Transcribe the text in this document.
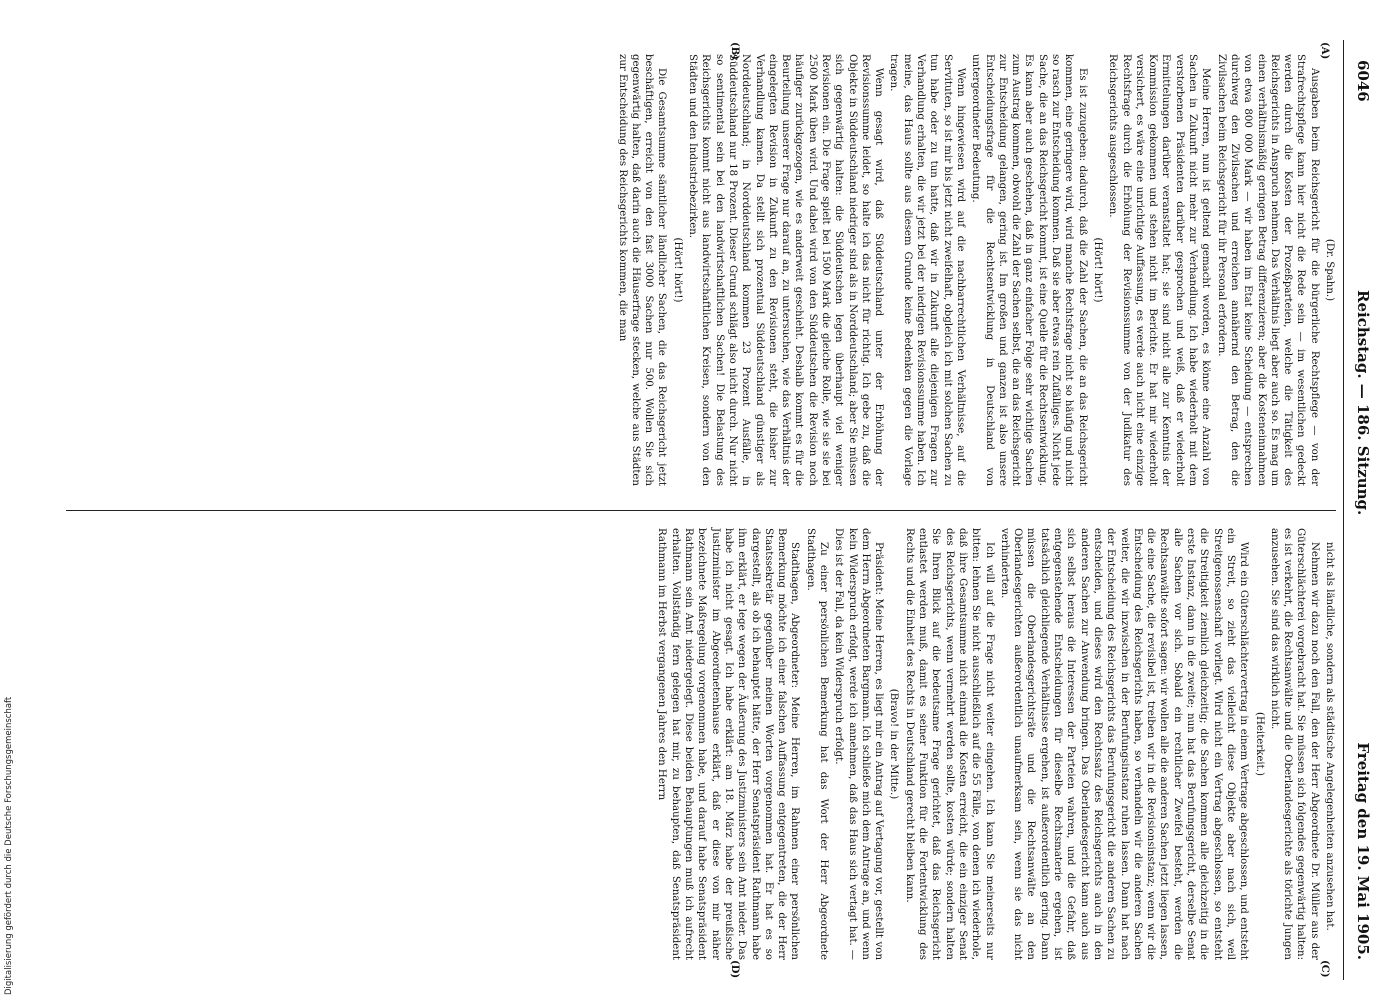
Digitalisierung gefördert durch die Deutsche Forschungsgemeinschaft
6046
Reichstag. — 186. Sitzung.
Freitag den 19. Mai 1905.
(A)
(B)
(C)
(D)

(Dr. Spahn.)

Ausgaben beim Reichsgericht für die bürgerliche Rechtspflege — von der Strafrechtspflege kann hier nicht die Rede sein — im wesentlichen gedeckt werden durch die Kosten der Prozeßparteien, welche die Tätigkeit des Reichsgerichts in Anspruch nehmen. Das Verhältnis liegt aber auch so. Es mag um einen verhältnismäßig geringen Betrag differenzieren; aber die Kosteneinnahmen von etwa 800 000 Mark — wir haben im Etat keine Scheidung — entsprechen durchweg den Zivilsachen und erreichen annähernd den Betrag, den die Zivilsachen beim Reichsgericht für ihr Personal erfordern.

Meine Herren, nun ist geltend gemacht worden, es könne eine Anzahl von Sachen in Zukunft nicht mehr zur Verhandlung. Ich habe wiederholt mit dem verstorbenen Präsidenten darüber gesprochen und weiß, daß er wiederholt Ermittelungen darüber veranstaltet hat; sie sind nicht alle zur Kenntnis der Kommission gekommen und stehen nicht im Berichte. Er hat mir wiederholt versichert, es wäre eine unrichtige Auffassung, es werde auch nicht eine einzige Rechtsfrage durch die Erhöhung der Revisionssumme von der Judikatur des Reichsgerichts ausgeschlossen.

(Hört! hört!)

Es ist zuzugeben: dadurch, daß die Zahl der Sachen, die an das Reichsgericht kommen, eine geringere wird, wird manche Rechtsfrage nicht so häufig und nicht so rasch zur Entscheidung kommen. Daß sie aber etwas rein Zufälliges. Nicht jede Sache, die an das Reichsgericht kommt, ist eine Quelle für die Rechtsentwicklung. Es kann aber auch geschehen, daß in ganz einfacher Folge sehr wichtige Sachen zum Austrag kommen, obwohl die Zahl der Sachen selbst, die an das Reichsgericht zur Entscheidung gelangen, gering ist. Im großen und ganzen ist also unsere Entscheidungsfrage für die Rechtsentwicklung in Deutschland von untergeordneter Bedeutung.

Wenn hingewiesen wird auf die nachbarrechtlichen Verhältnisse, auf die Servituten, so ist mir bis jetzt nicht zweifelhaft, obgleich ich mit solchen Sachen zu tun habe oder zu tun hatte, daß wir in Zukunft alle diejenigen Fragen zur Verhandlung erhalten, die wir jetzt bei der niedrigen Revisionssumme haben. Ich meine, das Haus sollte aus diesem Grunde keine Bedenken gegen die Vorlage tragen.

Wenn gesagt wird, daß Süddeutschland unter der Erhöhung der Revisionssumme leidet, so halte ich das nicht für richtig. Ich gebe zu, daß die Objekte in Süddeutschland niedriger sind als in Norddeutschland; aber Sie müssen sich gegenwärtig halten: die Süddeutschen legen überhaupt viel weniger Revisionen ein. Die Frage spielt bei 1500 Mark die gleiche Rolle, wie sie sie bei 2500 Mark üben wird. Und dabei wird von den Süddeutschen die Revision noch häufiger zurückgezogen, wie es anderweit geschieht. Deshalb kommt es für die Beurteilung unserer Frage nur darauf an, zu untersuchen, wie das Verhältnis der eingelegten Revision in Zukunft zu den Revisionen steht, die bisher zur Verhandlung kamen. Da stellt sich prozentual Süddeutschland günstiger als Norddeutschland; in Norddeutschland kommen 23 Prozent Ausfälle, in Süddeutschland nur 18 Prozent. Dieser Grund schlägt also nicht durch. Nur nicht so sentimental sein bei den landwirtschaftlichen Sachen! Die Belastung des Reichsgerichts kommt nicht aus landwirtschaftlichen Kreisen, sondern von den Städten und den Industriebezirken.

(Hört! hört!)

Die Gesamtsumme sämtlicher ländlicher Sachen, die das Reichsgericht jetzt beschäftigen, erreicht von den fast 3000 Sachen nur 500. Wollen Sie sich gegenwärtig halten, daß darin auch die Häuserfrage stecken, welche aus Städten zur Entscheidung des Reichsgerichts kommen, die man

nicht als ländliche, sondern als städtische Angelegenheiten anzusehen hat.

Nehmen wir dazu noch den Fall, den der Herr Abgeordnete Dr. Müller aus der Güterschlächterei vorgebracht hat. Sie müssen sich folgendes gegenwärtig halten: es ist verkehrt, die Rechtsanwälte und die Oberlandesgerichte als törichte Jungen anzusehen. Sie sind das wirklich nicht.

(Heiterkeit.)

Wird ein Güterschlächtervertrag in einem Vertrage abgeschlossen, und entsteht ein Streit, so zieht das vielleicht diese Objekte aber nach sich, weil Streitgenossenschaft vorliegt. Wird nicht ein Vertrag abgeschlossen, so entsteht die Streitigkeit ziemlich gleichzeitig; die Sachen kommen alle gleichzeitig in die erste Instanz, dann in die zweite; nun hat das Berufungsgericht, derselbe Senat alle Sachen vor sich. Sobald ein rechtlicher Zweifel besteht, werden die Rechtsanwälte sofort sagen: wir wollen alle die anderen Sachen jetzt liegen lassen, die eine Sache, die revisibel ist, treiben wir in die Revisionsinstanz; wenn wir die Entscheidung des Reichsgerichts haben, so verhandeln wir die anderen Sachen weiter, die wir inzwischen in der Berufungsinstanz ruhen lassen. Dann hat nach der Entscheidung des Reichsgerichts das Berufungsgericht die anderen Sachen zu entscheiden, und dieses wird den Rechtssatz des Reichsgerichts auch in den anderen Sachen zur Anwendung bringen. Das Oberlandesgericht kann auch aus sich selbst heraus die Interessen der Parteien wahren, und die Gefahr, daß entgegenstehende Entscheidungen für dieselbe Rechtsmaterie ergehen, ist tatsächlich gleichliegende Verhältnisse ergehen, ist außerordentlich gering. Dann müssen die Oberlandesgerichtsräte und die Rechtsanwälte an den Oberlandesgerichten außerordentlich unaufmerksam sein, wenn sie das nicht verhinderten.

Ich will auf die Frage nicht weiter eingehen. Ich kann Sie meinerseits nur bitten: lehnen Sie nicht ausschließlich auf die 55 Fälle, von denen ich wiederhole, daß ihre Gesamtsumme nicht einmal die Kosten erreicht, die ein einziger Senat des Reichsgerichts, wenn vermehrt werden sollte, kosten würde; sondern halten Sie Ihren Blick auf die bedeutsame Frage gerichtet, daß das Reichsgericht entlastet werden muß, damit es seiner Funktion für die Fortentwicklung des Rechts und die Einheit des Rechts in Deutschland gerecht bleiben kann.

(Bravo! in der Mitte.)

Präsident: Meine Herren, es liegt mir ein Antrag auf Vertagung vor, gestellt von dem Herrn Abgeordneten Bargmann. Ich schließe mich dem Antrage an, und wenn kein Widerspruch erfolgt, werde ich annehmen, daß das Haus sich vertagt hat. — Dies ist der Fall, da kein Widerspruch erfolgt.

Zu einer persönlichen Bemerkung hat das Wort der Herr Abgeordnete Stadthagen.

Stadthagen, Abgeordneter: Meine Herren, im Rahmen einer persönlichen Bemerkung möchte ich einer falschen Auffassung entgegentreten, die der Herr Staatssekretär gegenüber meinen Worten vorgenommen hat. Er hat es so dargestellt, als ob ich behauptet hätte, der Herr Senatspräsident Rathmann habe ihm erklärt, er lege wegen der Äußerung des Justizministers sein Amt nieder. Das habe ich nicht gesagt. Ich habe erklärt: am 18. März habe der preußische Justizminister im Abgeordnetenhause erklärt, daß er diese von mir näher bezeichnete Maßregelung vorgenommen habe, und darauf habe Senatspräsident Rathmann sein Amt niedergelegt. Diese beiden Behauptungen muß ich aufrecht erhalten. Vollständig fern gelegen hat mir, zu behaupten, daß Senatspräsident Rathmann im Herbst vergangenen Jahres den Herrn
